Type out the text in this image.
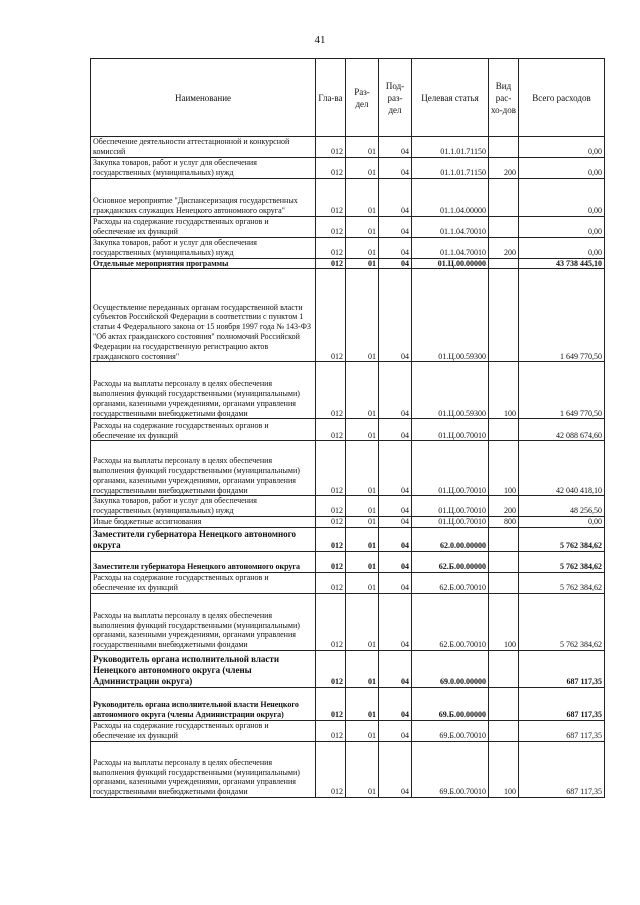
41
Наименование	Гла-ва	Раз-дел	Под-раз-дел	Целевая статья	Вид рас-хо-дов	Всего расходов
Обеспечение деятельности аттестационной и конкурсной комиссий	012	01	04	01.1.01.71150		0,00
Закупка товаров, работ и услуг для обеспечения государственных (муниципальных) нужд	012	01	04	01.1.01.71150	200	0,00
Основное мероприятие "Диспансеризация государственных гражданских служащих Ненецкого автономного округа"	012	01	04	01.1.04.00000		0,00
Расходы на содержание государственных органов и обеспечение их функций	012	01	04	01.1.04.70010		0,00
Закупка товаров, работ и услуг для обеспечения государственных (муниципальных) нужд	012	01	04	01.1.04.70010	200	0,00
Отдельные мероприятия программы	012	01	04	01.Ц.00.00000		43 738 445,10
Осуществление переданных органам государственной власти субъектов Российской Федерации в соответствии с пунктом 1 статьи 4 Федерального закона от 15 ноября 1997 года № 143-ФЗ "Об актах гражданского состояния" полномочий Российской Федерации на государственную регистрацию актов гражданского состояния"	012	01	04	01.Ц.00.59300		1 649 770,50
Расходы на выплаты персоналу в целях обеспечения выполнения функций государственными (муниципальными) органами, казенными учреждениями, органами управления государственными внебюджетными фондами	012	01	04	01.Ц.00.59300	100	1 649 770,50
Расходы на содержание государственных органов и обеспечение их функций	012	01	04	01.Ц.00.70010		42 088 674,60
Расходы на выплаты персоналу в целях обеспечения выполнения функций государственными (муниципальными) органами, казенными учреждениями, органами управления государственными внебюджетными фондами	012	01	04	01.Ц.00.70010	100	42 040 418,10
Закупка товаров, работ и услуг для обеспечения государственных (муниципальных) нужд	012	01	04	01.Ц.00.70010	200	48 256,50
Иные бюджетные ассигнования	012	01	04	01.Ц.00.70010	800	0,00
Заместители губернатора Ненецкого автономного округа	012	01	04	62.0.00.00000		5 762 384,62
Заместители губернатора Ненецкого автономного округа	012	01	04	62.Б.00.00000		5 762 384,62
Расходы на содержание государственных органов и обеспечение их функций	012	01	04	62.Б.00.70010		5 762 384,62
Расходы на выплаты персоналу в целях обеспечения выполнения функций государственными (муниципальными) органами, казенными учреждениями, органами управления государственными внебюджетными фондами	012	01	04	62.Б.00.70010	100	5 762 384,62
Руководитель органа исполнительной власти Ненецкого автономного округа (члены Администрации округа)	012	01	04	69.0.00.00000		687 117,35
Руководитель органа исполнительной власти Ненецкого автономного округа (члены Администрации округа)	012	01	04	69.Б.00.00000		687 117,35
Расходы на содержание государственных органов и обеспечение их функций	012	01	04	69.Б.00.70010		687 117,35
Расходы на выплаты персоналу в целях обеспечения выполнения функций государственными (муниципальными) органами, казенными учреждениями, органами управления государственными внебюджетными фондами	012	01	04	69.Б.00.70010	100	687 117,35
